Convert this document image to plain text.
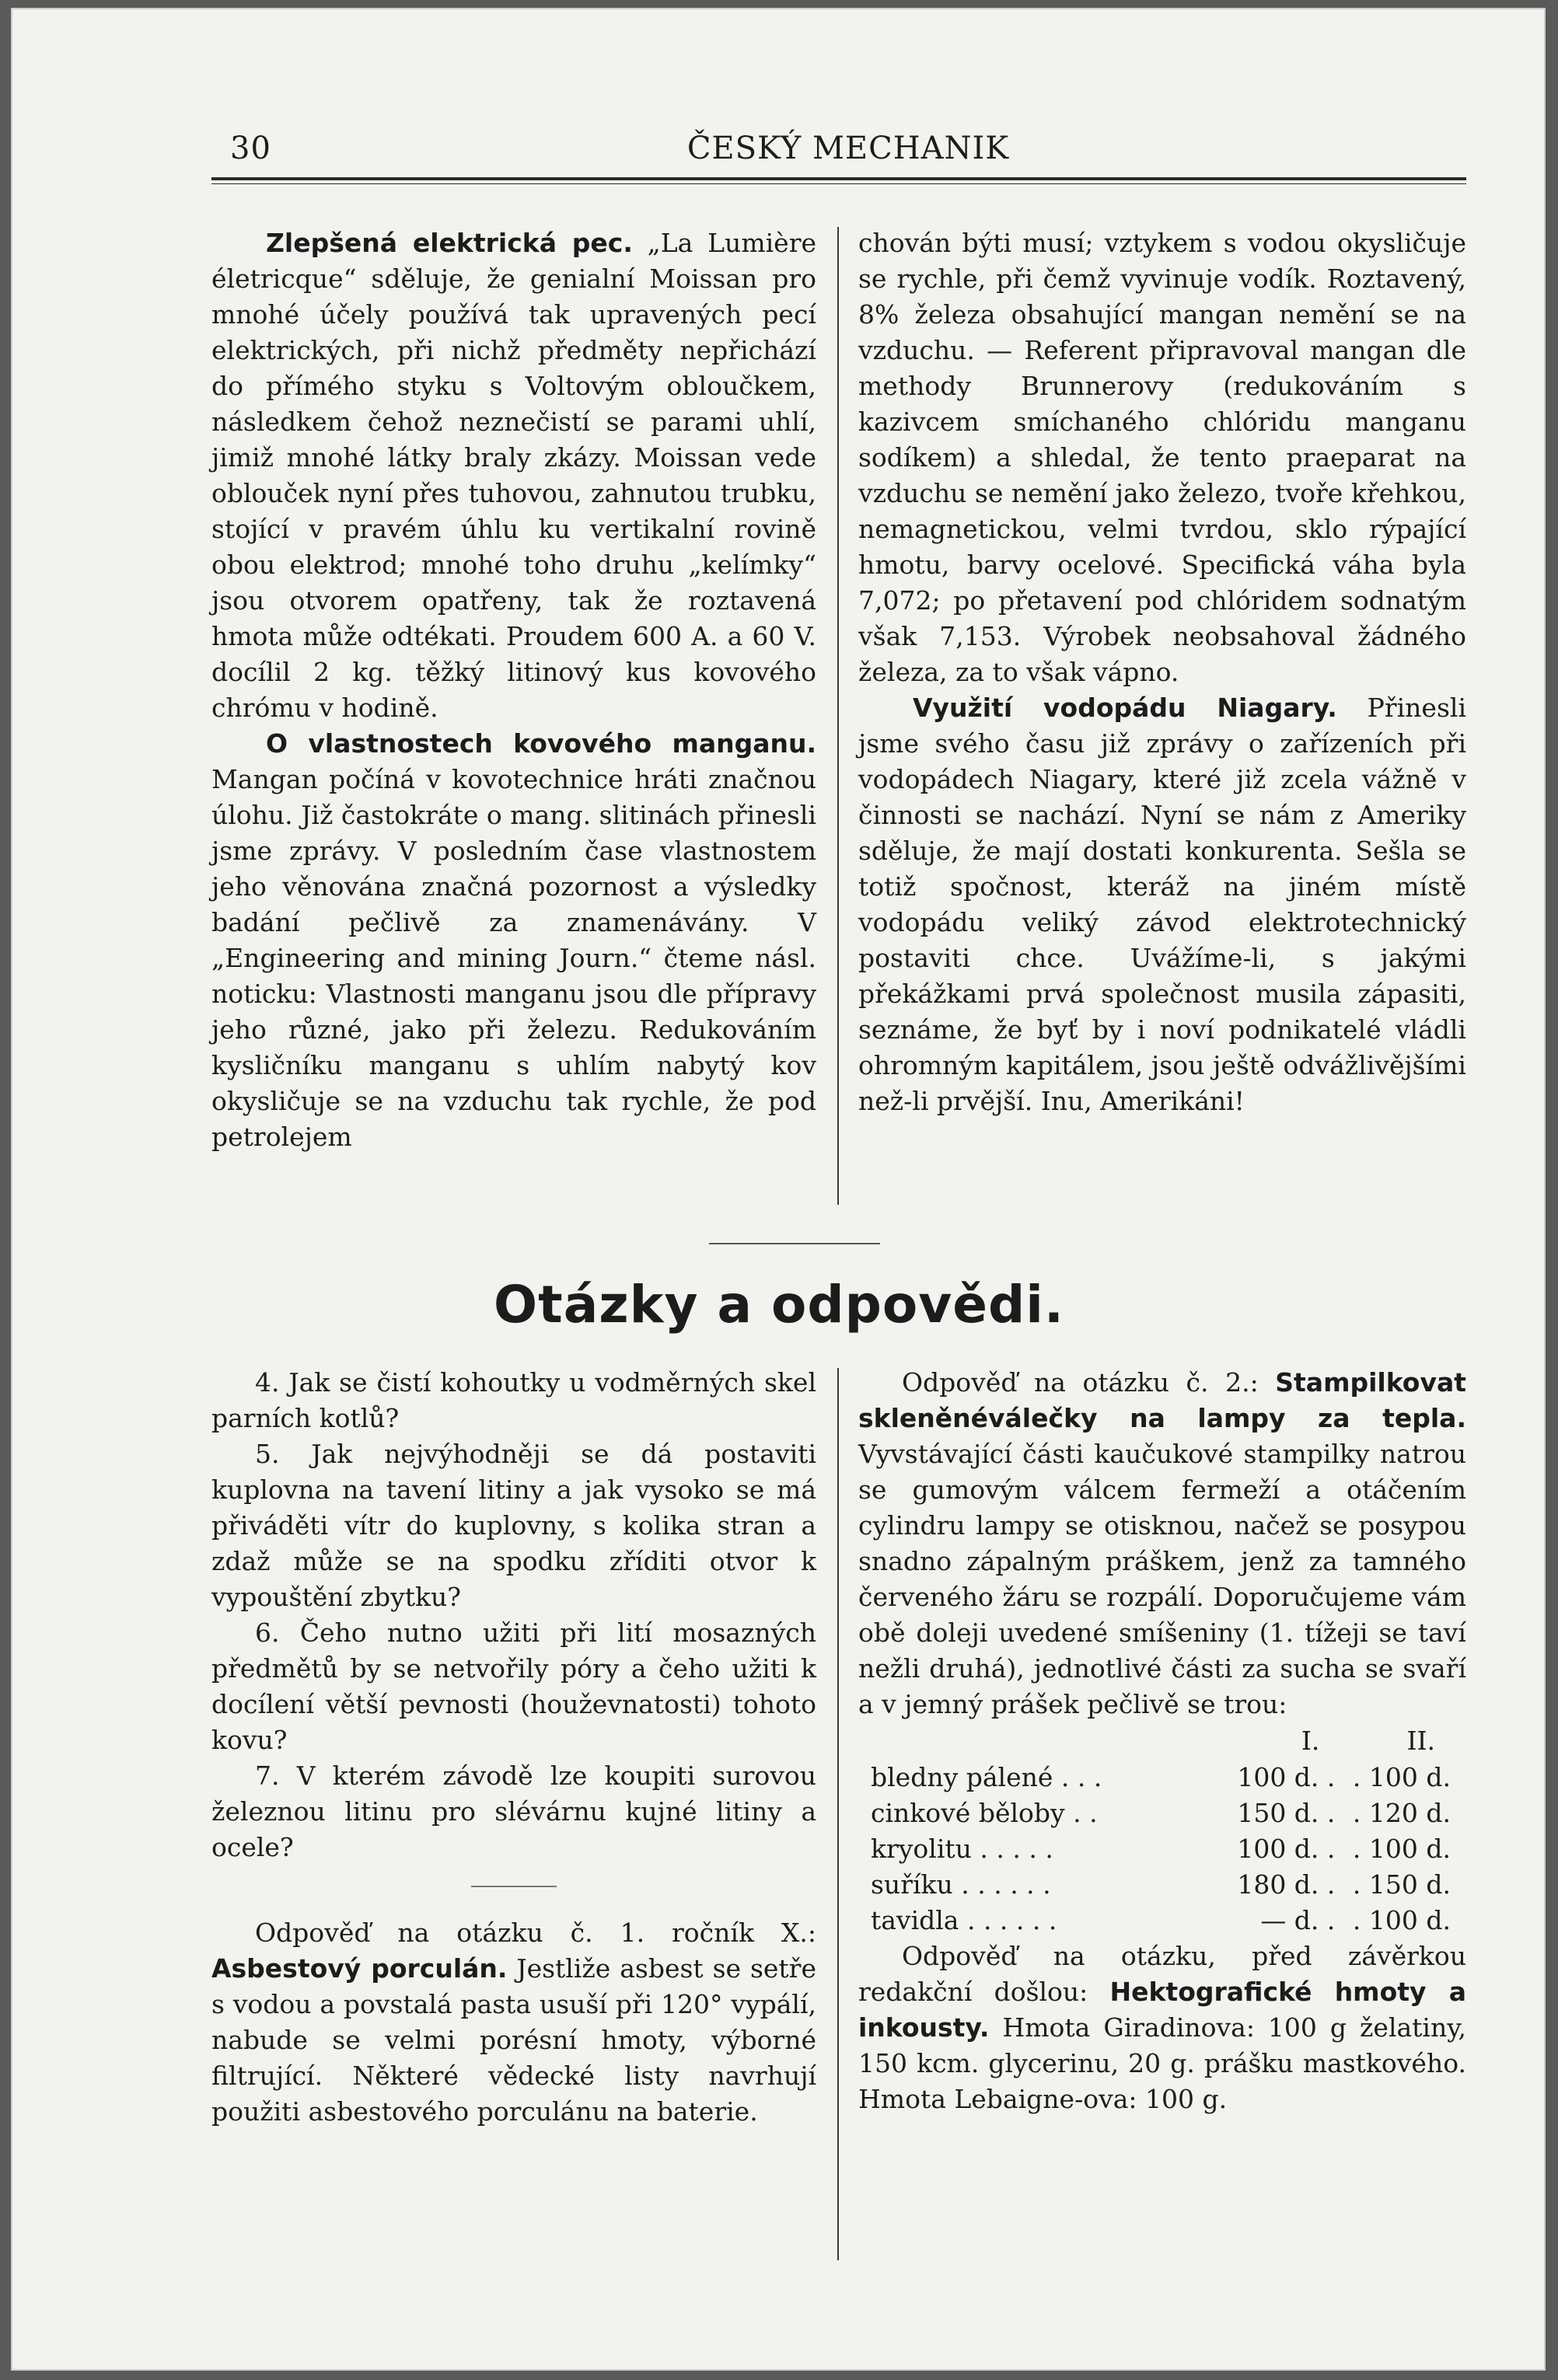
30	ČESKÝ MECHANIK

Zlepšená elektrická pec. „La Lumière életricque“ sděluje, že genialní Moissan pro mnohé účely používá tak upravených pecí elektrických, při nichž předměty nepřichází do přímého styku s Voltovým obloučkem, následkem čehož neznečistí se parami uhlí, jimiž mnohé látky braly zkázy. Moissan vede oblouček nyní přes tuhovou, zahnutou trubku, stojící v pravém úhlu ku vertikalní rovině obou elektrod; mnohé toho druhu „kelímky“ jsou otvorem opatřeny, tak že roztavená hmota může odtékati. Proudem 600 A. a 60 V. docílil 2 kg. těžký litinový kus kovového chrómu v hodině.

O vlastnostech kovového manganu. Mangan počíná v kovotechnice hráti značnou úlohu. Již častokráte o mang. slitinách přinesli jsme zprávy. V posledním čase vlastnostem jeho věnována značná pozornost a výsledky badání pečlivě za znamenávány. V „Engineering and mining Journ.“ čteme násl. noticku: Vlastnosti manganu jsou dle přípravy jeho různé, jako při železu. Redukováním kysličníku manganu s uhlím nabytý kov okysličuje se na vzduchu tak rychle, že pod petrolejem

chován býti musí; vztykem s vodou okysličuje se rychle, při čemž vyvinuje vodík. Roztavený, 8% železa obsahující mangan nemění se na vzduchu. — Referent připravoval mangan dle methody Brunnerovy (redukováním s kazivcem smíchaného chlóridu manganu sodíkem) a shledal, že tento praeparat na vzduchu se nemění jako železo, tvoře křehkou, nemagnetickou, velmi tvrdou, sklo rýpající hmotu, barvy ocelové. Specifická váha byla 7,072; po přetavení pod chlóridem sodnatým však 7,153. Výrobek neobsahoval žádného železa, za to však vápno.

Využití vodopádu Niagary. Přinesli jsme svého času již zprávy o zařízeních při vodopádech Niagary, které již zcela vážně v činnosti se nachází. Nyní se nám z Ameriky sděluje, že mají dostati konkurenta. Sešla se totiž spočnost, kteráž na jiném místě vodopádu veliký závod elektrotechnický postaviti chce. Uvážíme-li, s jakými překážkami prvá společnost musila zápasiti, seznáme, že byť by i noví podnikatelé vládli ohromným kapitálem, jsou ještě odvážlivějšími než-li prvější. Inu, Amerikáni!

Otázky a odpovědi.

4. Jak se čistí kohoutky u vodměrných skel parních kotlů?

5. Jak nejvýhodněji se dá postaviti kuplovna na tavení litiny a jak vysoko se má přiváděti vítr do kuplovny, s kolika stran a zdaž může se na spodku zříditi otvor k vypouštění zbytku?

6. Čeho nutno užiti při lití mosazných předmětů by se netvořily póry a čeho užiti k docílení větší pevnosti (houževnatosti) tohoto kovu?

7. V kterém závodě lze koupiti surovou železnou litinu pro slévárnu kujné litiny a ocele?

Odpověď na otázku č. 1. ročník X.: Asbestový porculán. Jestliže asbest se setře s vodou a povstalá pasta usuší při 120° vypálí, nabude se velmi porésní hmoty, výborné filtrující. Některé vědecké listy navrhují použiti asbestového porculánu na baterie.

Odpověď na otázku č. 2.: Stampilkovat skleněnéválečky na lampy za tepla. Vyvstávající části kaučukové stampilky natrou se gumovým válcem fermeží a otáčením cylindru lampy se otisknou, načež se posypou snadno zápalným práškem, jenž za tamného červeného žáru se rozpálí. Doporučujeme vám obě doleji uvedené smíšeniny (1. tížeji se taví nežli druhá), jednotlivé části za sucha se svaří a v jemný prášek pečlivě se trou:

	I.	II.
bledny pálené . . .	100 d. .	. 100 d.
cinkové běloby . .	150 d. .	. 120 d.
kryolitu . . . . .	100 d. .	. 100 d.
suříku . . . . . .	180 d. .	. 150 d.
tavidla . . . . . .	— d. .	. 100 d.

Odpověď na otázku, před závěrkou redakční došlou: Hektografické hmoty a inkousty. Hmota Giradinova: 100 g želatiny, 150 kcm. glycerinu, 20 g. prášku mastkového. Hmota Lebaigne-ova: 100 g.
